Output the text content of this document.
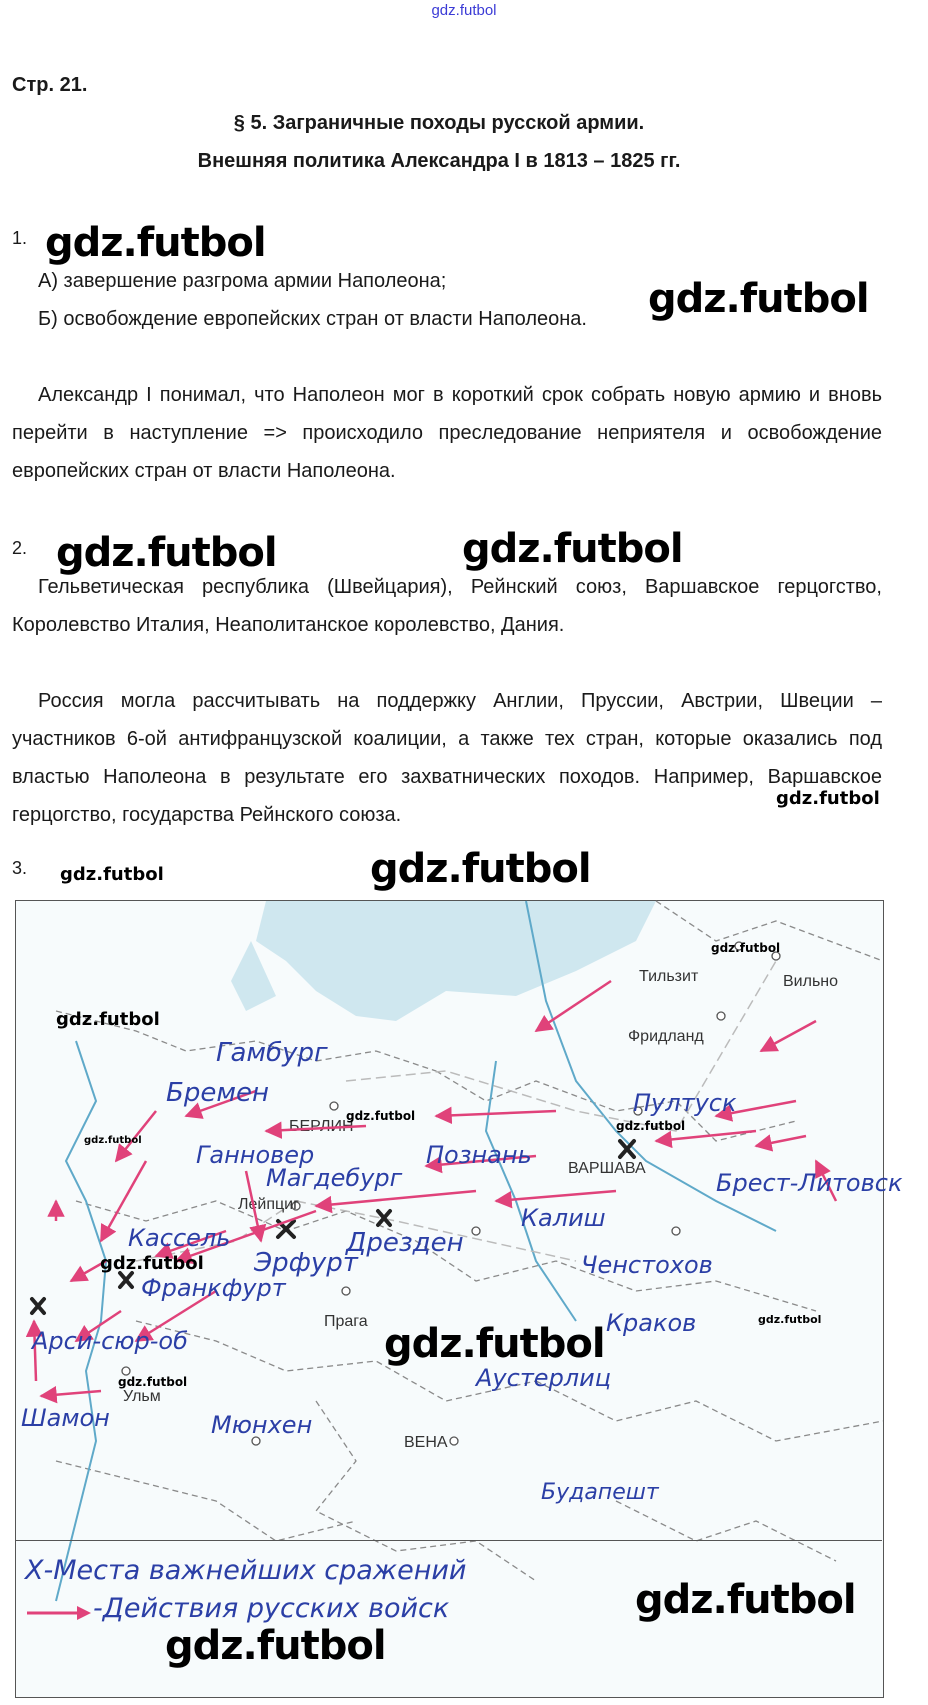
gdz.futbol
Стр. 21.
§ 5. Заграничные походы русской армии.
Внешняя политика Александра I в 1813 – 1825 гг.
1. gdz.futbol
А) завершение разгрома армии Наполеона;
Б) освобождение европейских стран от власти Наполеона.	gdz.futbol
Александр I понимал, что Наполеон мог в короткий срок собрать новую армию и вновь перейти в наступление => происходило преследование неприятеля и освобождение европейских стран от власти Наполеона.
2. gdz.futbol	gdz.futbol
Гельветическая республика (Швейцария), Рейнский союз, Варшавское герцогство, Королевство Италия, Неаполитанское королевство, Дания.
Россия могла рассчитывать на поддержку Англии, Пруссии, Австрии, Швеции – участников 6-ой антифранцузской коалиции, а также тех стран, которые оказались под властью Наполеона в результате его захватнических походов. Например, Варшавское герцогство, государства Рейнского союза.
gdz.futbol
3. gdz.futbol	gdz.futbol
Тильзит	Вильно
Фридланд
БЕРЛИН
ВАРШАВА
Лейпциг
Прага
Ульм
ВЕНА
Гамбург
Бремен
Ганновер
Магдебург
Познань
Пултуск
Брест-Литовск
Калиш
Кассель
Эрфурт
Дрезден
Франкфурт
Ченстохов
Краков
Арси-сюр-об
Аустерлиц
Шамон	Мюнхен
Будапешт
gdz.futbol
gdz.futbol
gdz.futbol
gdz.futbol
gdz.futbol
gdz.futbol
gdz.futbol
gdz.futbol
gdz.futbol
Х-Места важнейших сражений
-Действия русских войск	gdz.futbol
gdz.futbol
